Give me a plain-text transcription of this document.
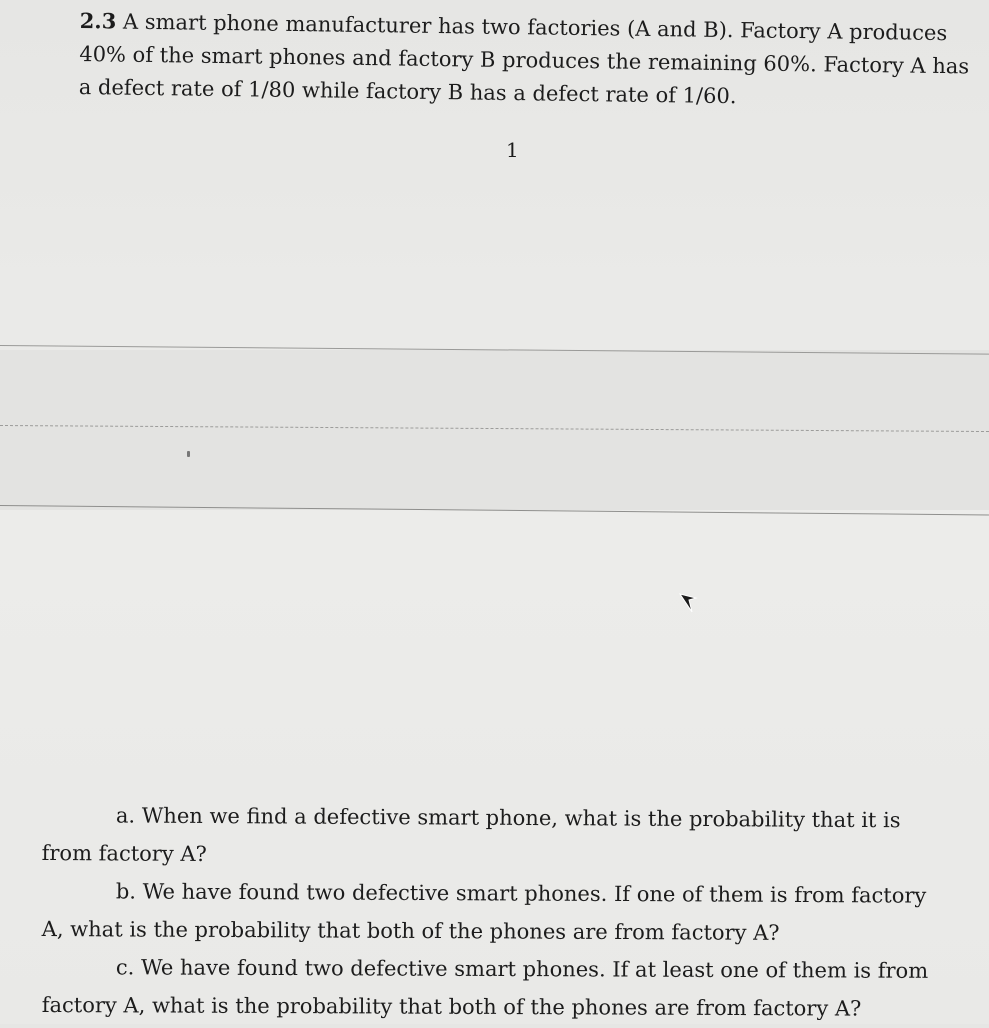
2.3 A smart phone manufacturer has two factories (A and B). Factory A produces
40% of the smart phones and factory B produces the remaining 60%. Factory A has
a defect rate of 1/80 while factory B has a defect rate of 1/60.
1
a. When we find a defective smart phone, what is the probability that it is
from factory A?
b. We have found two defective smart phones. If one of them is from factory
A, what is the probability that both of the phones are from factory A?
c. We have found two defective smart phones. If at least one of them is from
factory A, what is the probability that both of the phones are from factory A?
